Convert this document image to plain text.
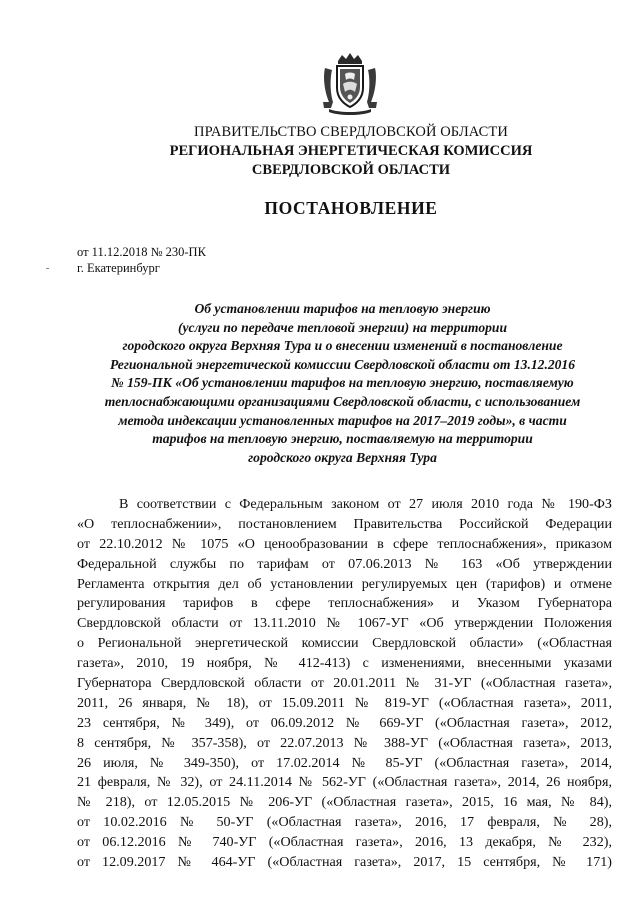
ПРАВИТЕЛЬСТВО СВЕРДЛОВСКОЙ ОБЛАСТИ
РЕГИОНАЛЬНАЯ ЭНЕРГЕТИЧЕСКАЯ КОМИССИЯ
СВЕРДЛОВСКОЙ ОБЛАСТИ
ПОСТАНОВЛЕНИЕ
от 11.12.2018 № 230-ПК
г. Екатеринбург
Об установлении тарифов на тепловую энергию
(услуги по передаче тепловой энергии) на территории
городского округа Верхняя Тура и о внесении изменений в постановление
Региональной энергетической комиссии Свердловской области от 13.12.2016
№ 159-ПК «Об установлении тарифов на тепловую энергию, поставляемую
теплоснабжающими организациями Свердловской области, с использованием
метода индексации установленных тарифов на 2017–2019 годы», в части
тарифов на тепловую энергию, поставляемую на территории
городского округа Верхняя Тура
В соответствии с Федеральным законом от 27 июля 2010 года № 190-ФЗ
«О теплоснабжении», постановлением Правительства Российской Федерации
от 22.10.2012 № 1075 «О ценообразовании в сфере теплоснабжения», приказом
Федеральной службы по тарифам от 07.06.2013 № 163 «Об утверждении
Регламента открытия дел об установлении регулируемых цен (тарифов) и отмене
регулирования тарифов в сфере теплоснабжения» и Указом Губернатора
Свердловской области от 13.11.2010 № 1067-УГ «Об утверждении Положения
о Региональной энергетической комиссии Свердловской области» («Областная
газета», 2010, 19 ноября, № 412-413) с изменениями, внесенными указами
Губернатора Свердловской области от 20.01.2011 № 31-УГ («Областная газета»,
2011, 26 января, № 18), от 15.09.2011 № 819-УГ («Областная газета», 2011,
23 сентября, № 349), от 06.09.2012 № 669-УГ («Областная газета», 2012,
8 сентября, № 357-358), от 22.07.2013 № 388-УГ («Областная газета», 2013,
26 июля, № 349-350), от 17.02.2014 № 85-УГ («Областная газета», 2014,
21 февраля, № 32), от 24.11.2014 № 562-УГ («Областная газета», 2014, 26 ноября,
№ 218), от 12.05.2015 № 206-УГ («Областная газета», 2015, 16 мая, № 84),
от 10.02.2016 № 50-УГ («Областная газета», 2016, 17 февраля, № 28),
от 06.12.2016 № 740-УГ («Областная газета», 2016, 13 декабря, № 232),
от 12.09.2017 № 464-УГ («Областная газета», 2017, 15 сентября, № 171)
